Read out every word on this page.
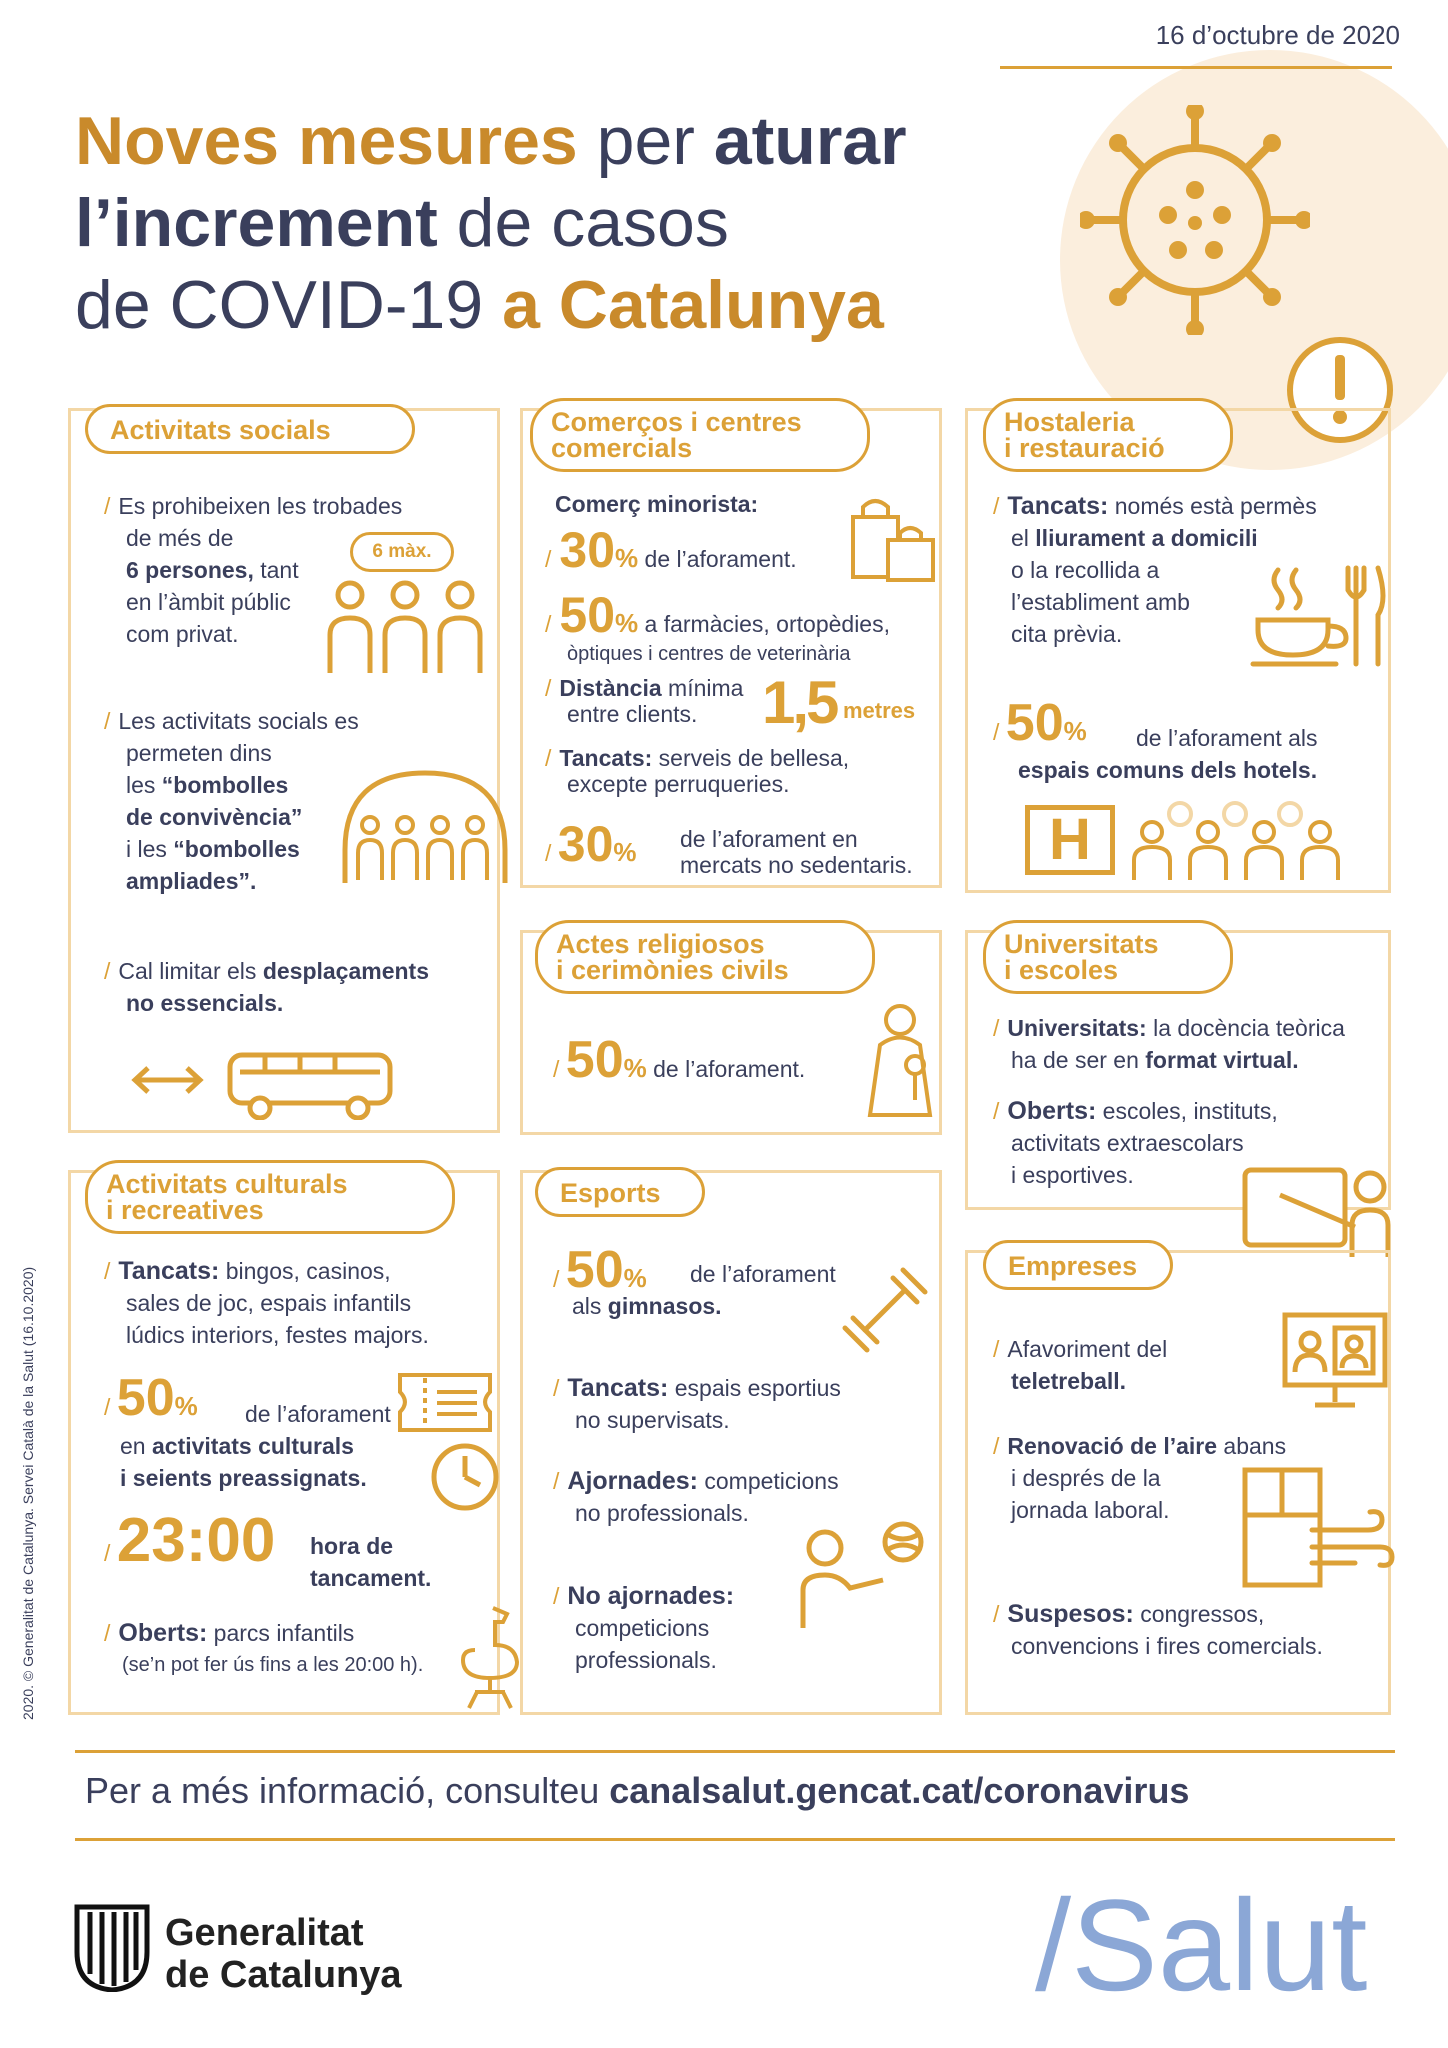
16 d’octubre de 2020
Noves mesures per aturar
l’increment de casos
de COVID-19 a Catalunya
Activitats socials
/ Es prohibeixen les trobades
de més de
6 persones, tant
en l’àmbit públic
com privat.
6 màx.
/ Les activitats socials es
permeten dins
les “bombolles
de convivència”
i les “bombolles
ampliades”.
/ Cal limitar els desplaçaments
no essencials.
Comerços i centres
comercials
Comerç minorista:
/ 30% de l’aforament.
/ 50% a farmàcies, ortopèdies,
òptiques i centres de veterinària
/ Distància mínima
entre clients.	1,5 metres
/ Tancats: serveis de bellesa,
excepte perruqueries.
/ 30% de l’aforament en
mercats no sedentaris.
Hostaleria
i restauració
/ Tancats: només està permès
el lliurament a domicili
o la recollida a
l’establiment amb
cita prèvia.
/ 50%	de l’aforament als
espais comuns dels hotels.
H
Actes religiosos
i cerimònies civils
/ 50% de l’aforament.
Universitats
i escoles
/ Universitats: la docència teòrica
ha de ser en format virtual.
/ Oberts: escoles, instituts,
activitats extraescolars
i esportives.
Activitats culturals
i recreatives
/ Tancats: bingos, casinos,
sales de joc, espais infantils
lúdics interiors, festes majors.
/ 50%	de l’aforament
en activitats culturals
i seients preassignats.
/ 23:00 hora de
tancament.
/ Oberts: parcs infantils
(se’n pot fer ús fins a les 20:00 h).
Esports
/ 50%	de l’aforament
als gimnasos.
/ Tancats: espais esportius
no supervisats.
/ Ajornades: competicions
no professionals.
/ No ajornades:
competicions
professionals.
Empreses
/ Afavoriment del
teletreball.
/ Renovació de l’aire abans
i després de la
jornada laboral.
/ Suspesos: congressos,
convencions i fires comercials.
2020. © Generalitat de Catalunya. Servei Català de la Salut (16.10.2020)
Per a més informació, consulteu canalsalut.gencat.cat/coronavirus
Generalitat
de Catalunya	/Salut
